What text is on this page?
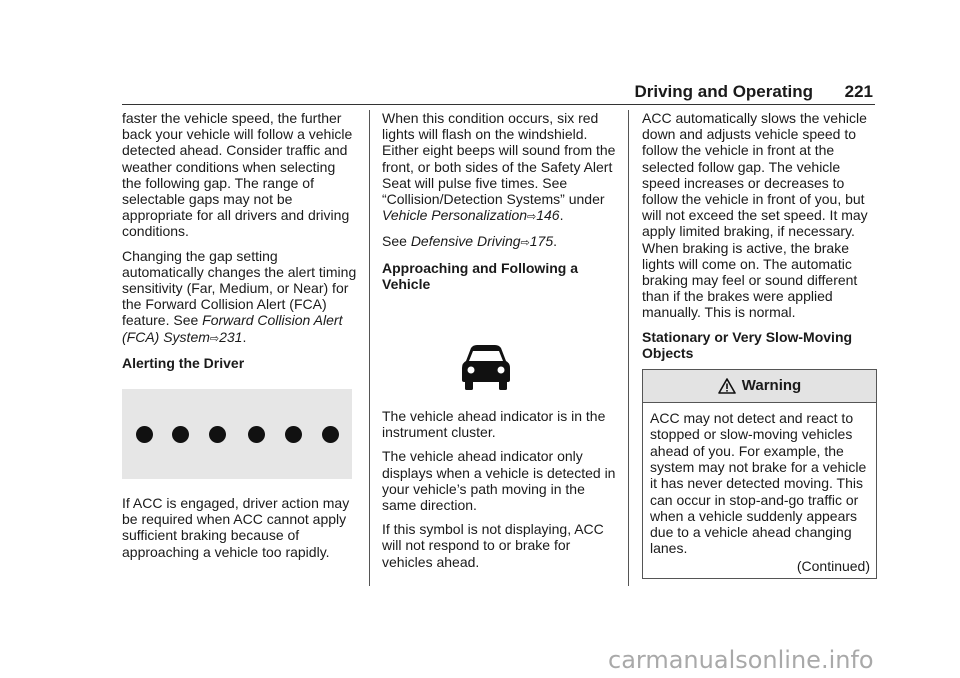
Driving and Operating 221

faster the vehicle speed, the further back your vehicle will follow a vehicle detected ahead. Consider traffic and weather conditions when selecting the following gap. The range of selectable gaps may not be appropriate for all drivers and driving conditions.

Changing the gap setting automatically changes the alert timing sensitivity (Far, Medium, or Near) for the Forward Collision Alert (FCA) feature. See Forward Collision Alert (FCA) System⇨231.

Alerting the Driver

If ACC is engaged, driver action may be required when ACC cannot apply sufficient braking because of approaching a vehicle too rapidly.

When this condition occurs, six red lights will flash on the windshield. Either eight beeps will sound from the front, or both sides of the Safety Alert Seat will pulse five times. See “Collision/Detection Systems” under Vehicle Personalization⇨146.

See Defensive Driving⇨175.

Approaching and Following a Vehicle

The vehicle ahead indicator is in the instrument cluster.

The vehicle ahead indicator only displays when a vehicle is detected in your vehicle’s path moving in the same direction.

If this symbol is not displaying, ACC will not respond to or brake for vehicles ahead.

ACC automatically slows the vehicle down and adjusts vehicle speed to follow the vehicle in front at the selected follow gap. The vehicle speed increases or decreases to follow the vehicle in front of you, but will not exceed the set speed. It may apply limited braking, if necessary. When braking is active, the brake lights will come on. The automatic braking may feel or sound different than if the brakes were applied manually. This is normal.

Stationary or Very Slow-Moving Objects

Warning
ACC may not detect and react to stopped or slow-moving vehicles ahead of you. For example, the system may not brake for a vehicle it has never detected moving. This can occur in stop-and-go traffic or when a vehicle suddenly appears due to a vehicle ahead changing lanes.
(Continued)
carmanualsonline.info
